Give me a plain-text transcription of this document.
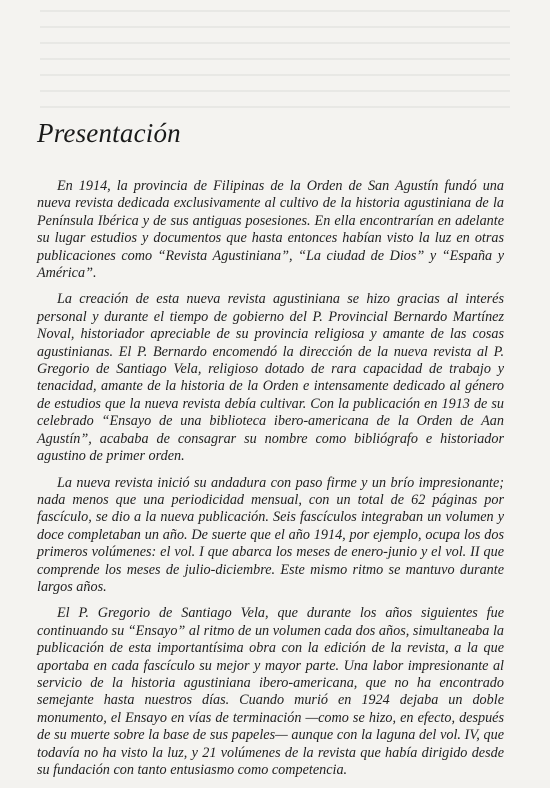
Presentación

En 1914, la provincia de Filipinas de la Orden de San Agustín fundó una nueva revista dedicada exclusivamente al cultivo de la historia agustiniana de la Península Ibérica y de sus antiguas posesiones. En ella encontrarían en adelante su lugar estudios y documentos que hasta entonces habían visto la luz en otras publicaciones como “Revista Agustiniana”, “La ciudad de Dios” y “España y América”.

La creación de esta nueva revista agustiniana se hizo gracias al interés personal y durante el tiempo de gobierno del P. Provincial Bernardo Martínez Noval, historiador apreciable de su provincia religiosa y amante de las cosas agustinianas. El P. Bernardo encomendó la dirección de la nueva revista al P. Gregorio de Santiago Vela, religioso dotado de rara capacidad de trabajo y tenacidad, amante de la historia de la Orden e intensamente dedicado al género de estudios que la nueva revista debía cultivar. Con la publicación en 1913 de su celebrado “Ensayo de una biblioteca ibero-americana de la Orden de Aan Agustín”, acababa de consagrar su nombre como bibliógrafo e historiador agustino de primer orden.

La nueva revista inició su andadura con paso firme y un brío impresionante; nada menos que una periodicidad mensual, con un total de 62 páginas por fascículo, se dio a la nueva publicación. Seis fascículos integraban un volumen y doce completaban un año. De suerte que el año 1914, por ejemplo, ocupa los dos primeros volúmenes: el vol. I que abarca los meses de enero-junio y el vol. II que comprende los meses de julio-diciembre. Este mismo ritmo se mantuvo durante largos años.

El P. Gregorio de Santiago Vela, que durante los años siguientes fue continuando su “Ensayo” al ritmo de un volumen cada dos años, simultaneaba la publicación de esta importantísima obra con la edición de la revista, a la que aportaba en cada fascículo su mejor y mayor parte. Una labor impresionante al servicio de la historia agustiniana ibero-americana, que no ha encontrado semejante hasta nuestros días. Cuando murió en 1924 dejaba un doble monumento, el Ensayo en vías de terminación —como se hizo, en efecto, después de su muerte sobre la base de sus papeles— aunque con la laguna del vol. IV, que todavía no ha visto la luz, y 21 volúmenes de la revista que había dirigido desde su fundación con tanto entusiasmo como competencia.
